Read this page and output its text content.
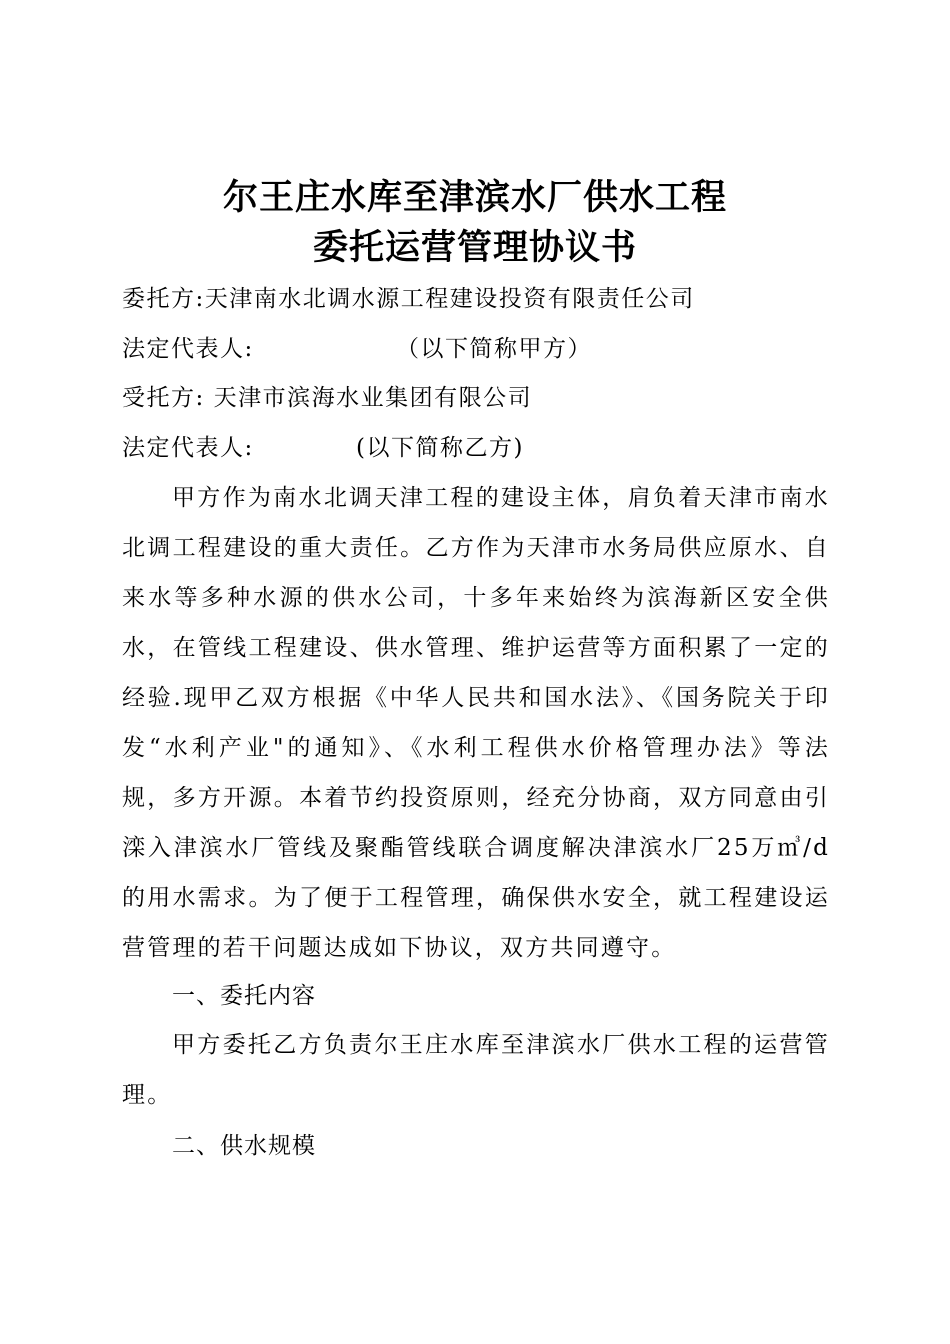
尔王庄水库至津滨水厂供水工程
委托运营管理协议书
委托方:天津南水北调水源工程建设投资有限责任公司
法定代表人:	（以下简称甲方）
受托方: 天津市滨海水业集团有限公司
法定代表人:	(以下简称乙方)

甲方作为南水北调天津工程的建设主体，肩负着天津市南水北调工程建设的重大责任。乙方作为天津市水务局供应原水、自来水等多种水源的供水公司，十多年来始终为滨海新区安全供水，在管线工程建设、供水管理、维护运营等方面积累了一定的经验.现甲乙双方根据《中华人民共和国水法》、《国务院关于印发“水利产业"的通知》、《水利工程供水价格管理办法》等法规，多方开源。本着节约投资原则，经充分协商，双方同意由引滦入津滨水厂管线及聚酯管线联合调度解决津滨水厂25万㎥/d的用水需求。为了便于工程管理，确保供水安全，就工程建设运营管理的若干问题达成如下协议，双方共同遵守。

一、委托内容

甲方委托乙方负责尔王庄水库至津滨水厂供水工程的运营管理。

二、供水规模
